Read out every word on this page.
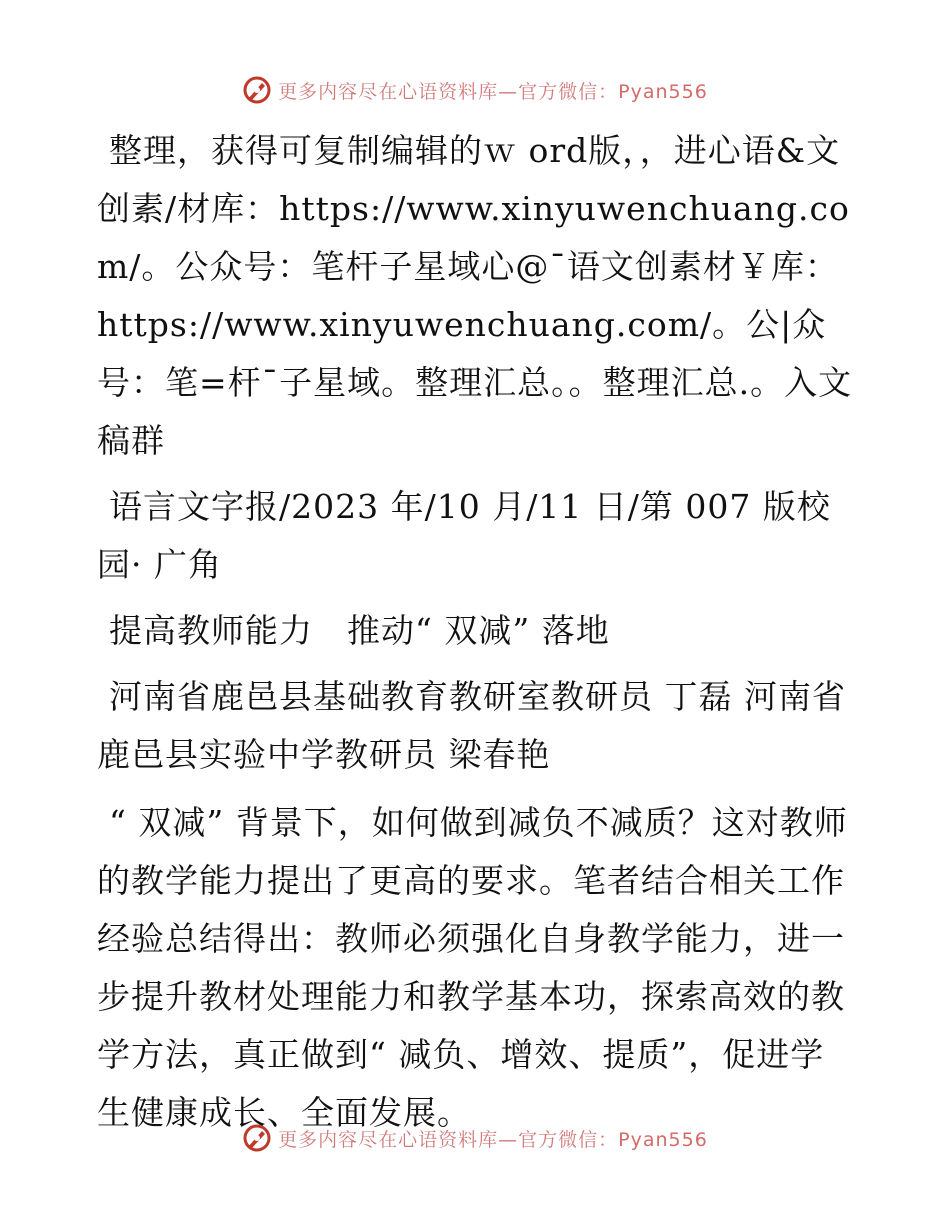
更多内容尽在心语资料库—官方微信：Pyan556

整理，获得可复制编辑的ｗ ord版，，进心语&文创素/材库：https://www.xinyuwenchuang.com/。公众号：笔杆子星域心@¯语文创素材￥库：https://www.xinyuwenchuang.com/。公|众号：笔=杆¯子星域。整理汇总。。整理汇总.。入文稿群

语言文字报/2023 年/10 月/11 日/第 007 版校园· 广角

提高教师能力　推动“ 双减” 落地

河南省鹿邑县基础教育教研室教研员 丁磊 河南省鹿邑县实验中学教研员 梁春艳

“ 双减” 背景下，如何做到减负不减质？这对教师的教学能力提出了更高的要求。笔者结合相关工作经验总结得出：教师必须强化自身教学能力，进一步提升教材处理能力和教学基本功，探索高效的教学方法，真正做到“ 减负、增效、提质”，促进学生健康成长、全面发展。

更多内容尽在心语资料库—官方微信：Pyan556
